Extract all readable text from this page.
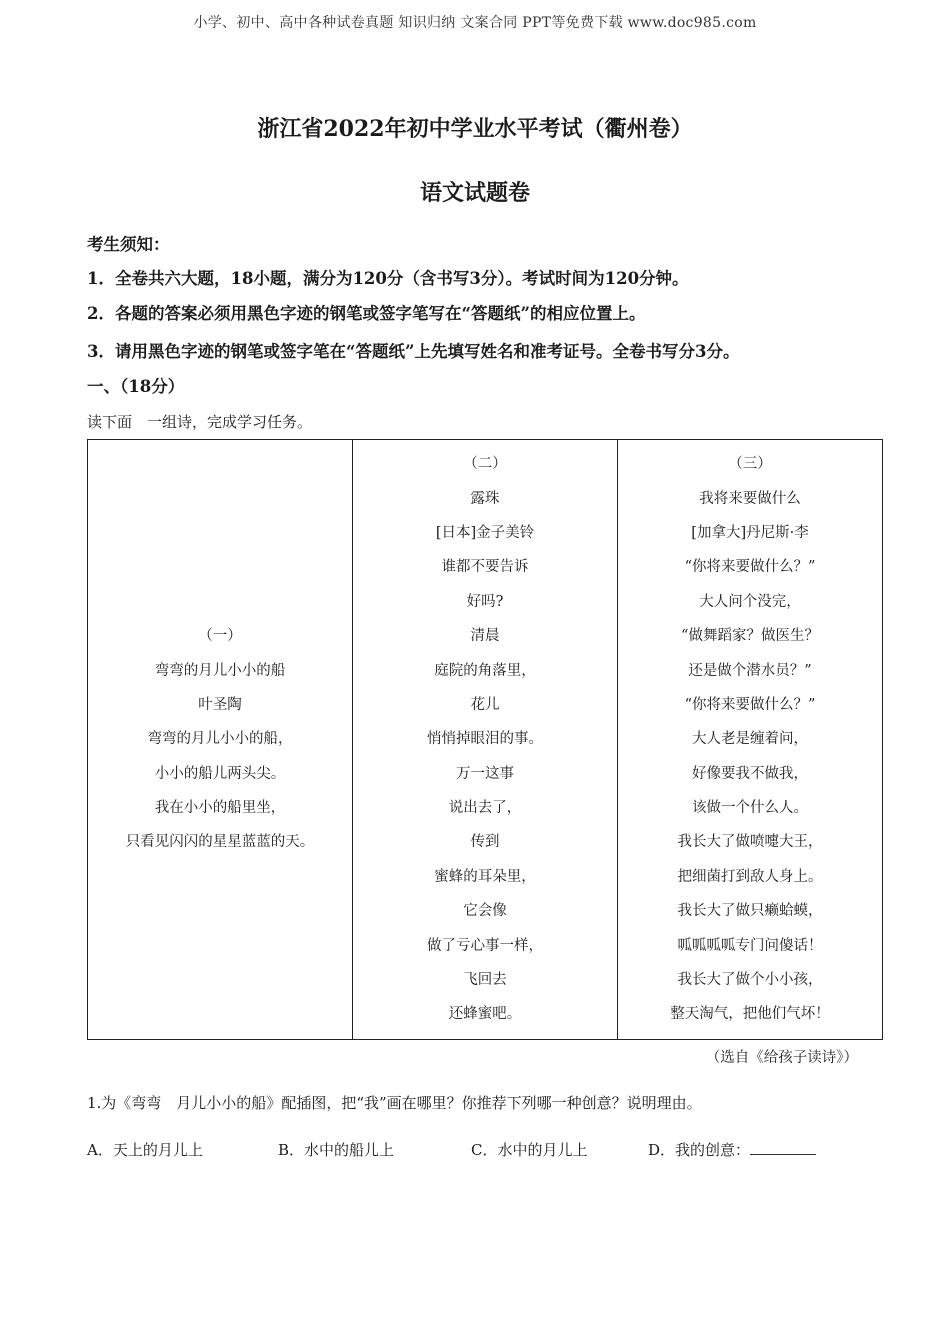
小学、初中、高中各种试卷真题 知识归纳 文案合同 PPT等免费下载 www.doc985.com
浙江省2022年初中学业水平考试（衢州卷）
语文试题卷
考生须知：
1．全卷共六大题，18小题，满分为120分（含书写3分）。考试时间为120分钟。
2．各题的答案必须用黑色字迹的钢笔或签字笔写在“答题纸”的相应位置上。
3．请用黑色字迹的钢笔或签字笔在“答题纸”上先填写姓名和准考证号。全卷书写分3分。
一、（18分）
读下面　一组诗，完成学习任务。
（一）
弯弯的月儿小小的船
叶圣陶
弯弯的月儿小小的船，
小小的船儿两头尖。
我在小小的船里坐，
只看见闪闪的星星蓝蓝的天。

（二）
露珠
[日本]金子美铃
谁都不要告诉
好吗?
清晨
庭院的角落里，
花儿
悄悄掉眼泪的事。
万一这事
说出去了，
传到
蜜蜂的耳朵里，
它会像
做了亏心事一样，
飞回去
还蜂蜜吧。

（三）
我将来要做什么
[加拿大]丹尼斯·李
“你将来要做什么？”
大人问个没完，
“做舞蹈家？做医生？
还是做个潜水员？”
“你将来要做什么？”
大人老是缠着问，
好像要我不做我，
该做一个什么人。
我长大了做喷嚏大王，
把细菌打到敌人身上。
我长大了做只癞蛤蟆，
呱呱呱呱专门问傻话！
我长大了做个小小孩，
整天淘气，把他们气坏！
（选自《给孩子读诗》）
1.为《弯弯　月儿小小的船》配插图，把“我”画在哪里？你推荐下列哪一种创意？说明理由。
A．天上的月儿上	B．水中的船儿上	C．水中的月儿上	D．我的创意：
